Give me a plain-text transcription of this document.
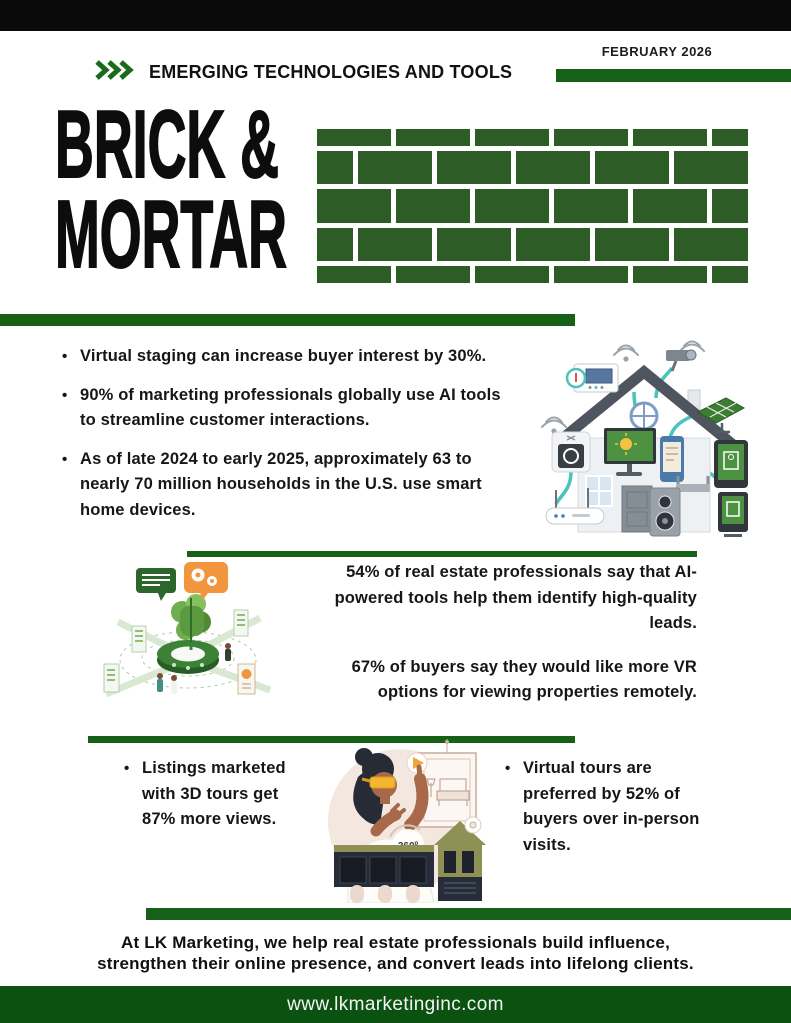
FEBRUARY 2026
EMERGING TECHNOLOGIES AND TOOLS
BRICK &
MORTAR
• Virtual staging can increase buyer interest by 30%.
• 90% of marketing professionals globally use AI tools to streamline customer interactions.
• As of late 2024 to early 2025, approximately 63 to nearly 70 million households in the U.S. use smart home devices.

54% of real estate professionals say that AI-powered tools help them identify high-quality leads.

67% of buyers say they would like more VR options for viewing properties remotely.

• Listings marketed with 3D tours get 87% more views.
• Virtual tours are preferred by 52% of buyers over in-person visits.
At LK Marketing, we help real estate professionals build influence,
strengthen their online presence, and convert leads into lifelong clients.
www.lkmarketinginc.com
